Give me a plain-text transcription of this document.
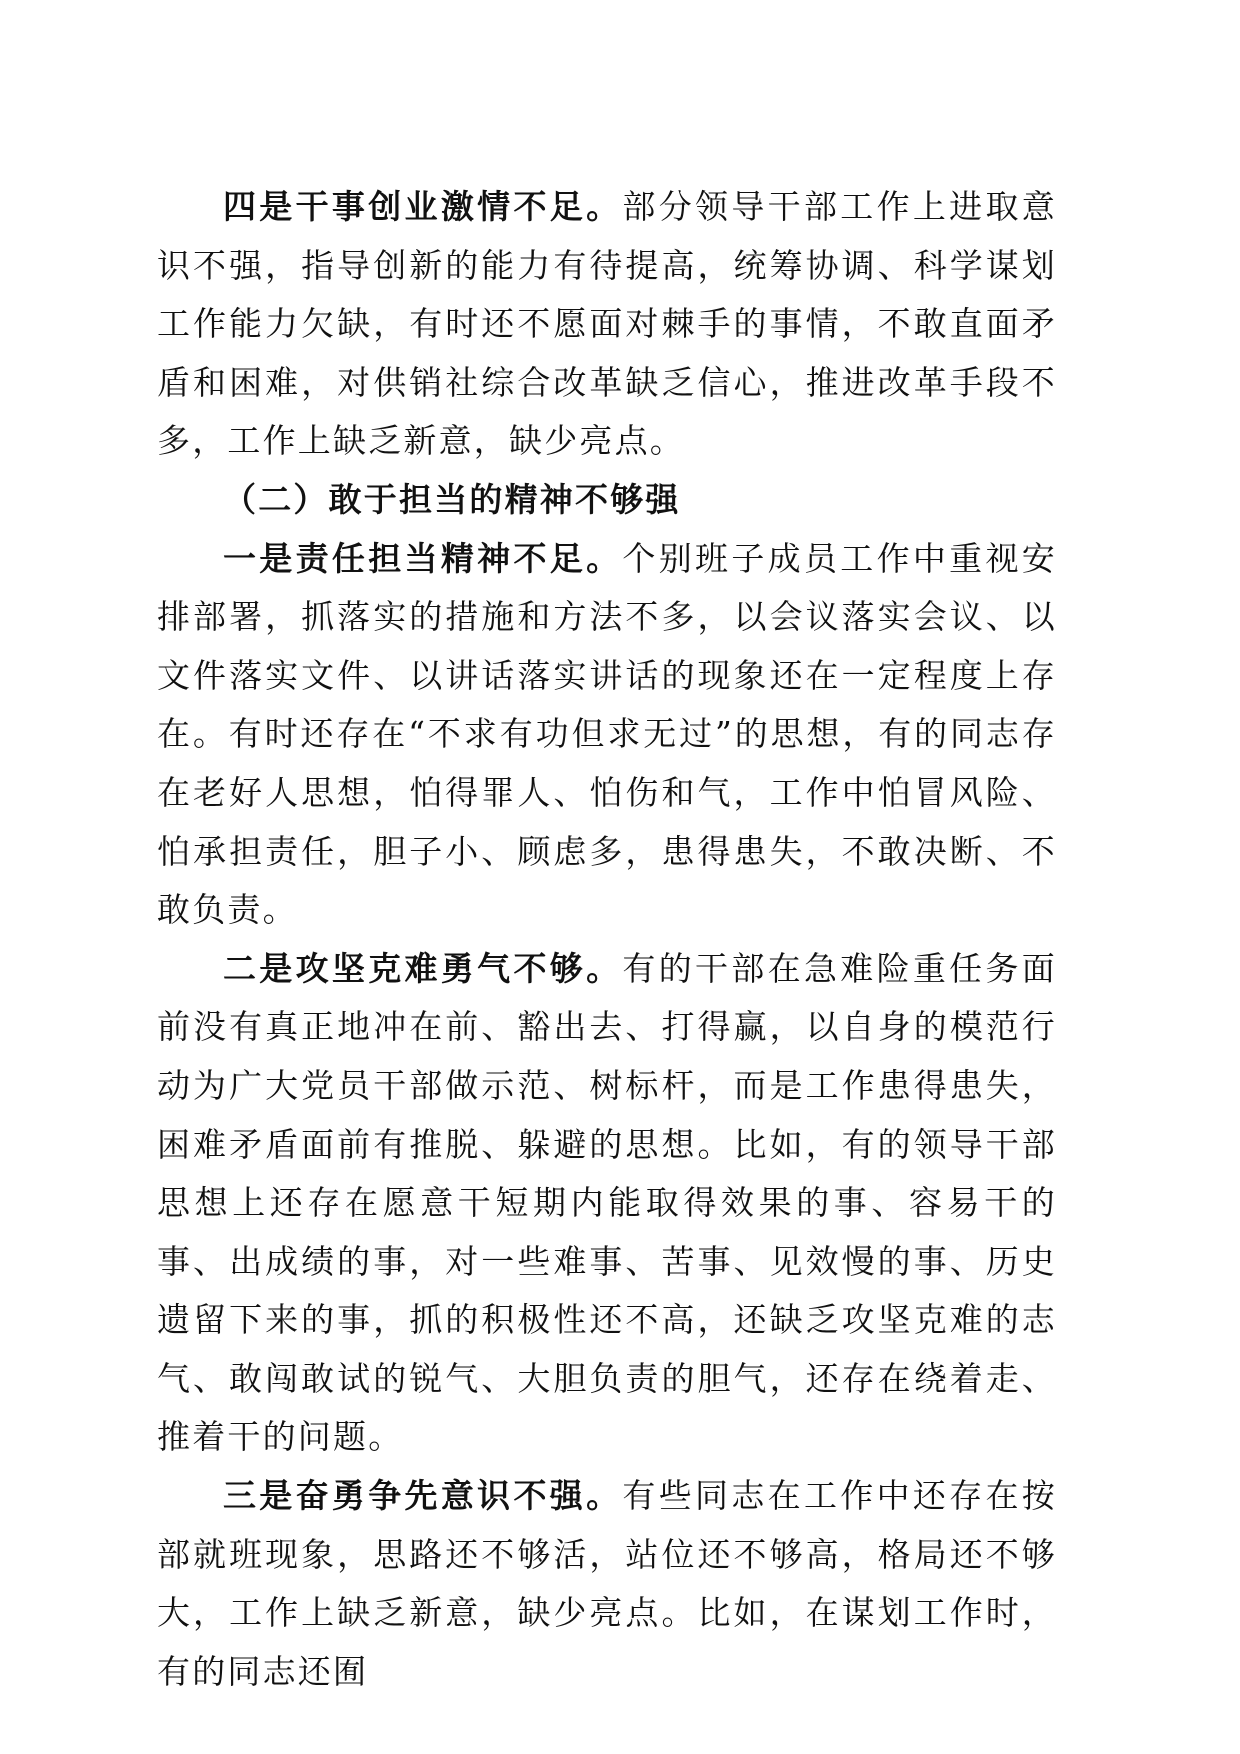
四是干事创业激情不足。部分领导干部工作上进取意识不强，指导创新的能力有待提高，统筹协调、科学谋划工作能力欠缺，有时还不愿面对棘手的事情，不敢直面矛盾和困难，对供销社综合改革缺乏信心，推进改革手段不多，工作上缺乏新意，缺少亮点。

（二）敢于担当的精神不够强

一是责任担当精神不足。个别班子成员工作中重视安排部署，抓落实的措施和方法不多，以会议落实会议、以文件落实文件、以讲话落实讲话的现象还在一定程度上存在。有时还存在“不求有功但求无过”的思想，有的同志存在老好人思想，怕得罪人、怕伤和气，工作中怕冒风险、怕承担责任，胆子小、顾虑多，患得患失，不敢决断、不敢负责。

二是攻坚克难勇气不够。有的干部在急难险重任务面前没有真正地冲在前、豁出去、打得赢，以自身的模范行动为广大党员干部做示范、树标杆，而是工作患得患失，困难矛盾面前有推脱、躲避的思想。比如，有的领导干部思想上还存在愿意干短期内能取得效果的事、容易干的事、出成绩的事，对一些难事、苦事、见效慢的事、历史遗留下来的事，抓的积极性还不高，还缺乏攻坚克难的志气、敢闯敢试的锐气、大胆负责的胆气，还存在绕着走、推着干的问题。

三是奋勇争先意识不强。有些同志在工作中还存在按部就班现象，思路还不够活，站位还不够高，格局还不够大，工作上缺乏新意，缺少亮点。比如，在谋划工作时，有的同志还囿
